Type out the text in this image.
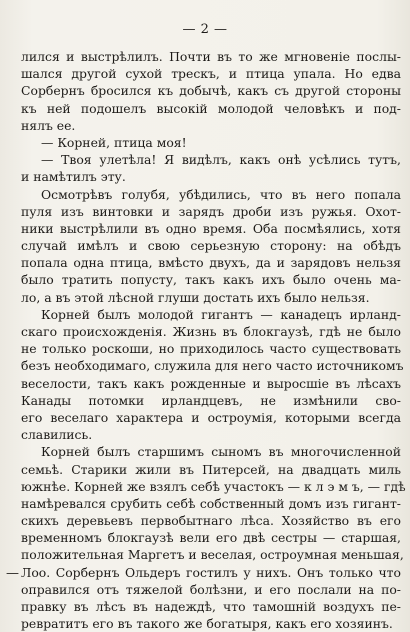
— 2 —
лился и выстрѣлилъ. Почти въ то же мгновеніе послы-
шался другой сухой трескъ, и птица упала. Но едва
Сорбернъ бросился къ добычѣ, какъ съ другой стороны
къ ней подошелъ высокій молодой человѣкъ и под-
нялъ ее.
— Корней, птица моя!
— Твоя улетѣла! Я видѣлъ, какъ онѣ усѣлись тутъ,
и намѣтилъ эту.
Осмотрѣвъ голубя, убѣдились, что въ него попала
пуля изъ винтовки и зарядъ дроби изъ ружья. Охот-
ники выстрѣлили въ одно время. Оба посмѣялись, хотя
случай имѣлъ и свою серьезную сторону: на обѣдъ
попала одна птица, вмѣсто двухъ, да и зарядовъ нельзя
было тратить попусту, такъ какъ ихъ было очень ма-
ло, а въ этой лѣсной глуши достать ихъ было нельзя.
Корней былъ молодой гигантъ — канадецъ ирланд-
скаго происхожденія. Жизнь въ блокгаузѣ, гдѣ не было
не только роскоши, но приходилось часто существовать
безъ необходимаго, служила для него часто источникомъ
веселости, такъ какъ рожденные и выросшіе въ лѣсахъ
Канады потомки ирландцевъ, не измѣнили сво-
его веселаго характера и остроумія, которыми всегда
славились.
Корней былъ старшимъ сыномъ въ многочисленной
семьѣ. Старики жили въ Питерсей, на двадцать миль
южнѣе. Корней же взялъ себѣ участокъ — к л э м ъ, — гдѣ
намѣревался срубить себѣ собственный домъ изъ гигант-
скихъ деревьевъ первобытнаго лѣса. Хозяйство въ его
временномъ блокгаузѣ вели его двѣ сестры — старшая,
положительная Маргетъ и веселая, остроумная меньшая,
Лоо. Сорбернъ Ольдеръ гостилъ у нихъ. Онъ только что
оправился отъ тяжелой болѣзни, и его послали на по-
правку въ лѣсъ въ надеждѣ, что тамошній воздухъ пе-
ревратитъ его въ такого же богатыря, какъ его хозяинъ.
—
